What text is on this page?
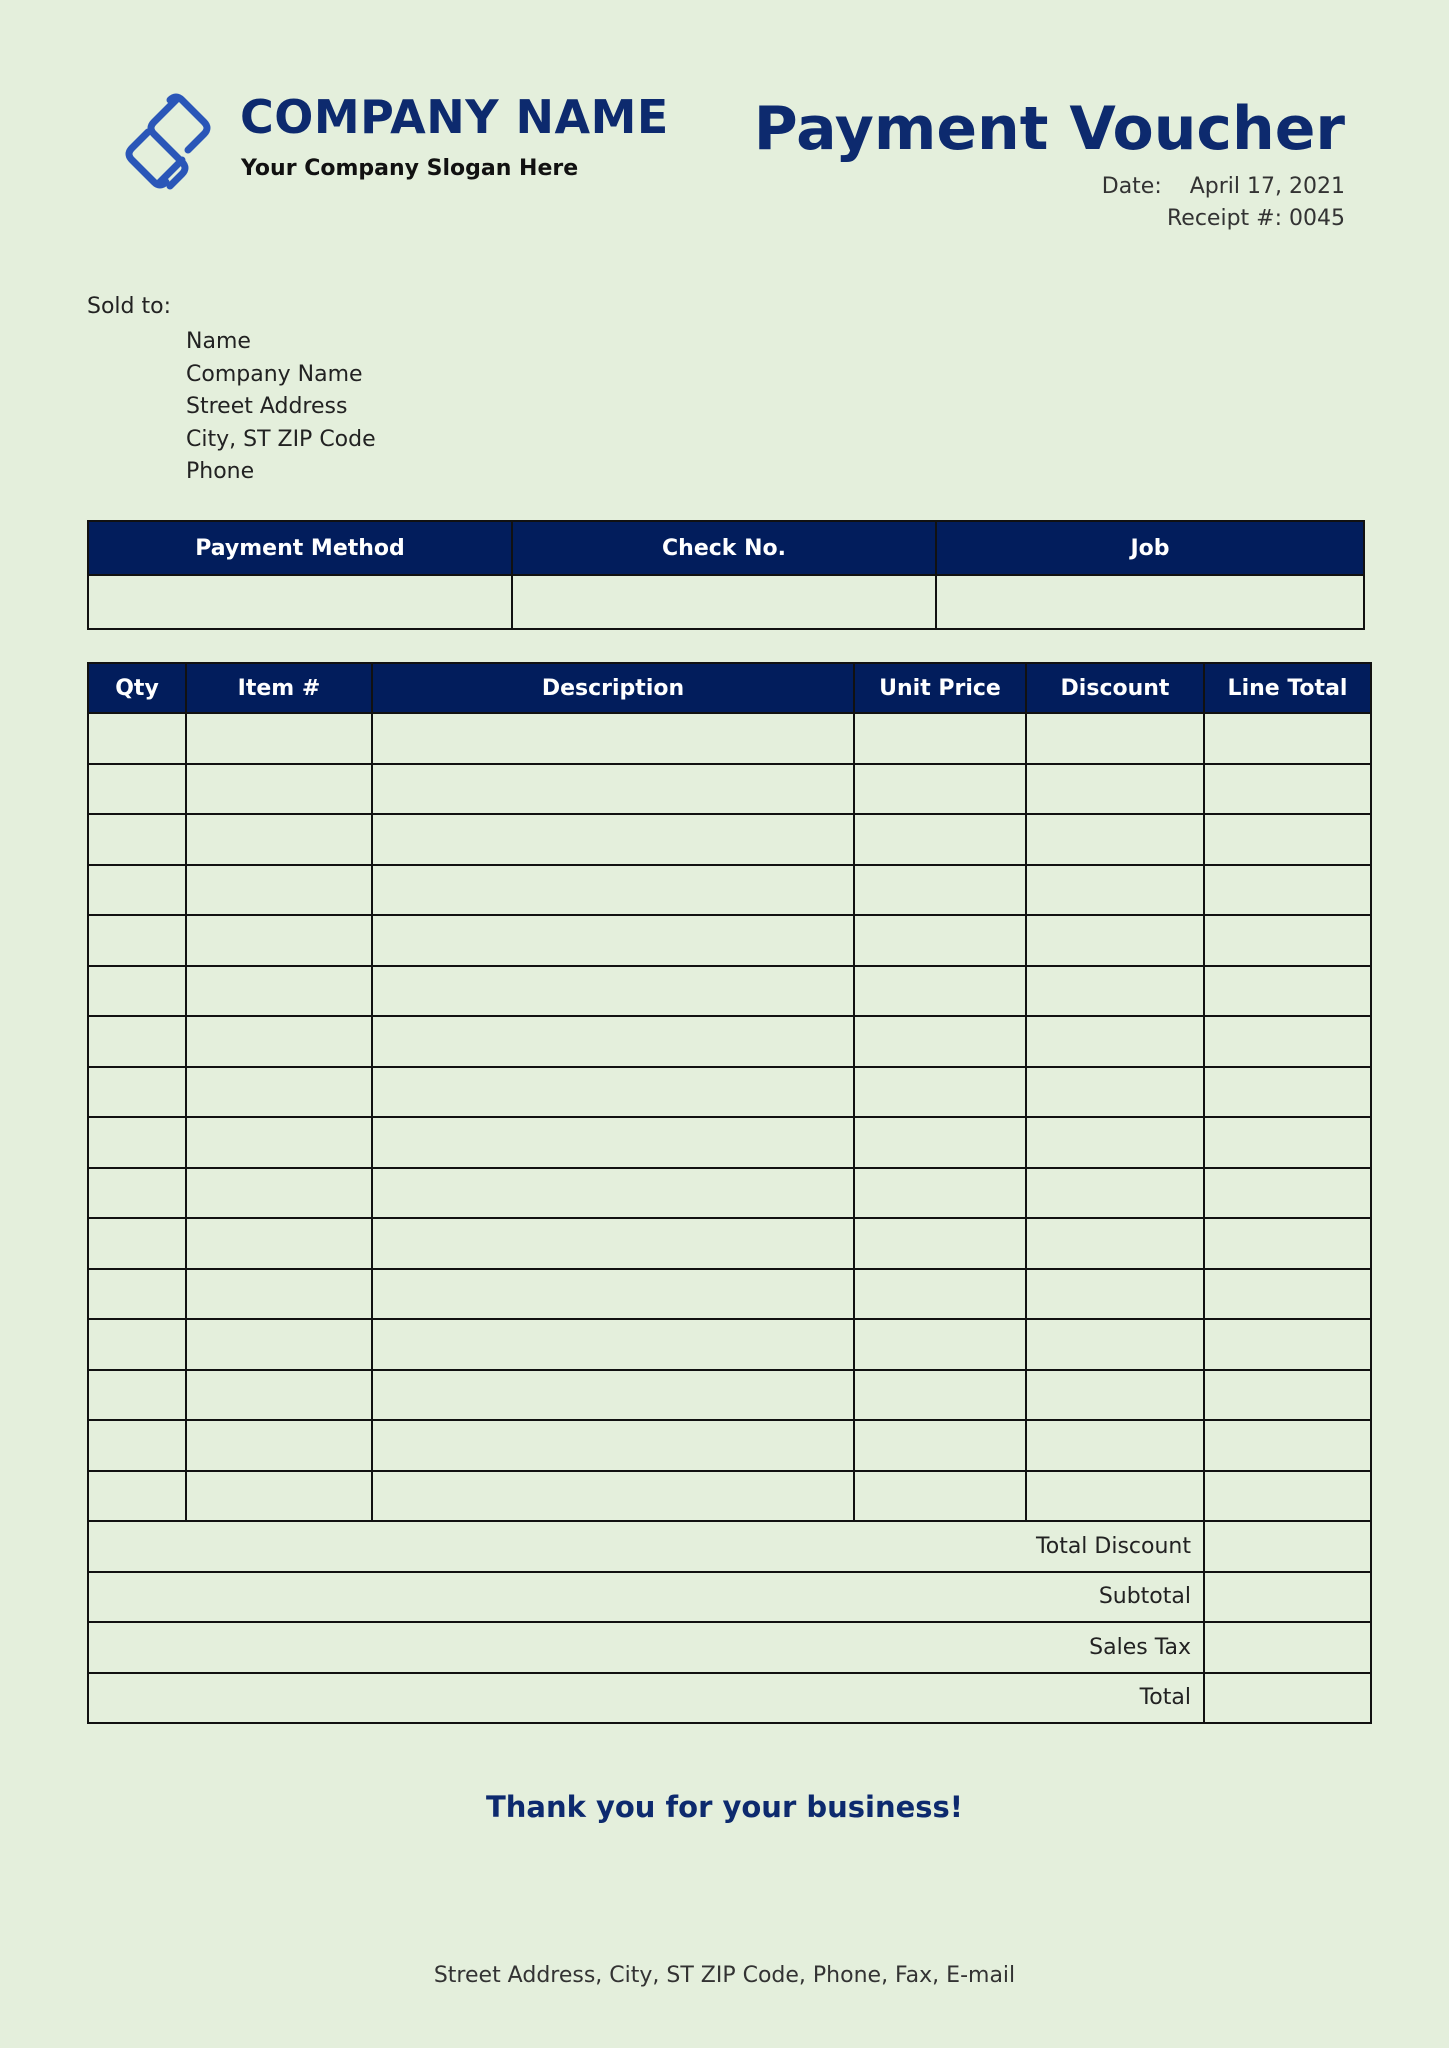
COMPANY NAME
Your Company Slogan Here
Payment Voucher
Date: April 17, 2021
Receipt #: 0045
Sold to:
Name
Company Name
Street Address
City, ST ZIP Code
Phone
Payment Method	Check No.	Job

Qty	Item #	Description	Unit Price	Discount	Line Total

Total Discount					
Subtotal					
Sales Tax					
Total					
Thank you for your business!
Street Address, City, ST ZIP Code, Phone, Fax, E-mail
